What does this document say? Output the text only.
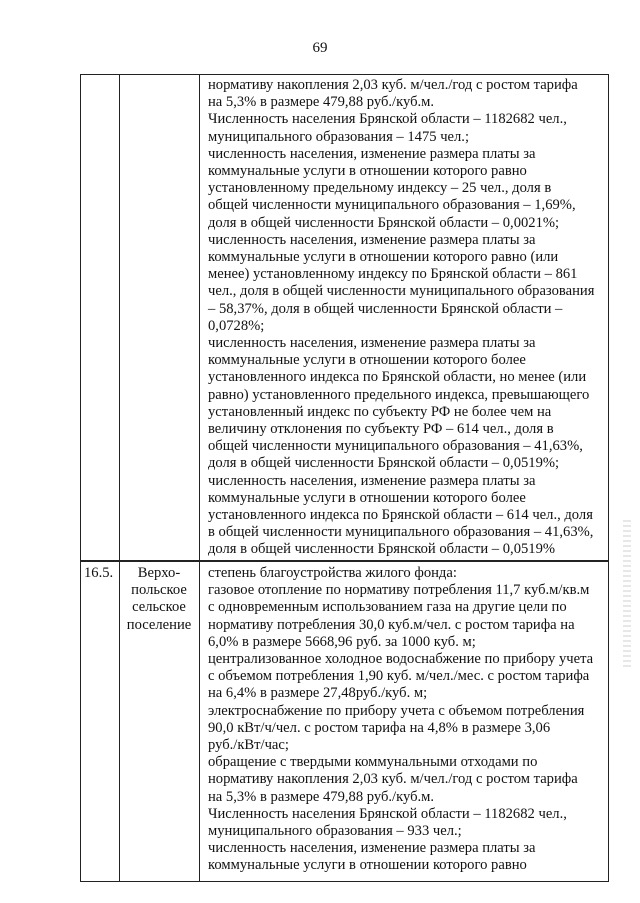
69
нормативу накопления 2,03 куб. м/чел./год с ростом тарифа
на 5,3% в размере 479,88 руб./куб.м.
Численность населения Брянской области – 1182682 чел.,
муниципального образования – 1475 чел.;
численность населения, изменение размера платы за
коммунальные услуги в отношении которого равно
установленному предельному индексу – 25 чел., доля в
общей численности муниципального образования – 1,69%,
доля в общей численности Брянской области – 0,0021%;
численность населения, изменение размера платы за
коммунальные услуги в отношении которого равно (или
менее) установленному индексу по Брянской области – 861
чел., доля в общей численности муниципального образования
– 58,37%, доля в общей численности Брянской области –
0,0728%;
численность населения, изменение размера платы за
коммунальные услуги в отношении которого более
установленного индекса по Брянской области, но менее (или
равно) установленного предельного индекса, превышающего
установленный индекс по субъекту РФ не более чем на
величину отклонения по субъекту РФ – 614 чел., доля в
общей численности муниципального образования – 41,63%,
доля в общей численности Брянской области – 0,0519%;
численность населения, изменение размера платы за
коммунальные услуги в отношении которого более
установленного индекса по Брянской области – 614 чел., доля
в общей численности муниципального образования – 41,63%,
доля в общей численности Брянской области – 0,0519%
16.5.	Верхо-
польское
сельское
поселение
степень благоустройства жилого фонда:
газовое отопление по нормативу потребления 11,7 куб.м/кв.м
с одновременным использованием газа на другие цели по
нормативу потребления 30,0 куб.м/чел. с ростом тарифа на
6,0% в размере 5668,96 руб. за 1000 куб. м;
централизованное холодное водоснабжение по прибору учета
с объемом потребления 1,90 куб. м/чел./мес. с ростом тарифа
на 6,4% в размере 27,48руб./куб. м;
электроснабжение по прибору учета с объемом потребления
90,0 кВт/ч/чел. с ростом тарифа на 4,8% в размере 3,06
руб./кВт/час;
обращение с твердыми коммунальными отходами по
нормативу накопления 2,03 куб. м/чел./год с ростом тарифа
на 5,3% в размере 479,88 руб./куб.м.
Численность населения Брянской области – 1182682 чел.,
муниципального образования – 933 чел.;
численность населения, изменение размера платы за
коммунальные услуги в отношении которого равно
